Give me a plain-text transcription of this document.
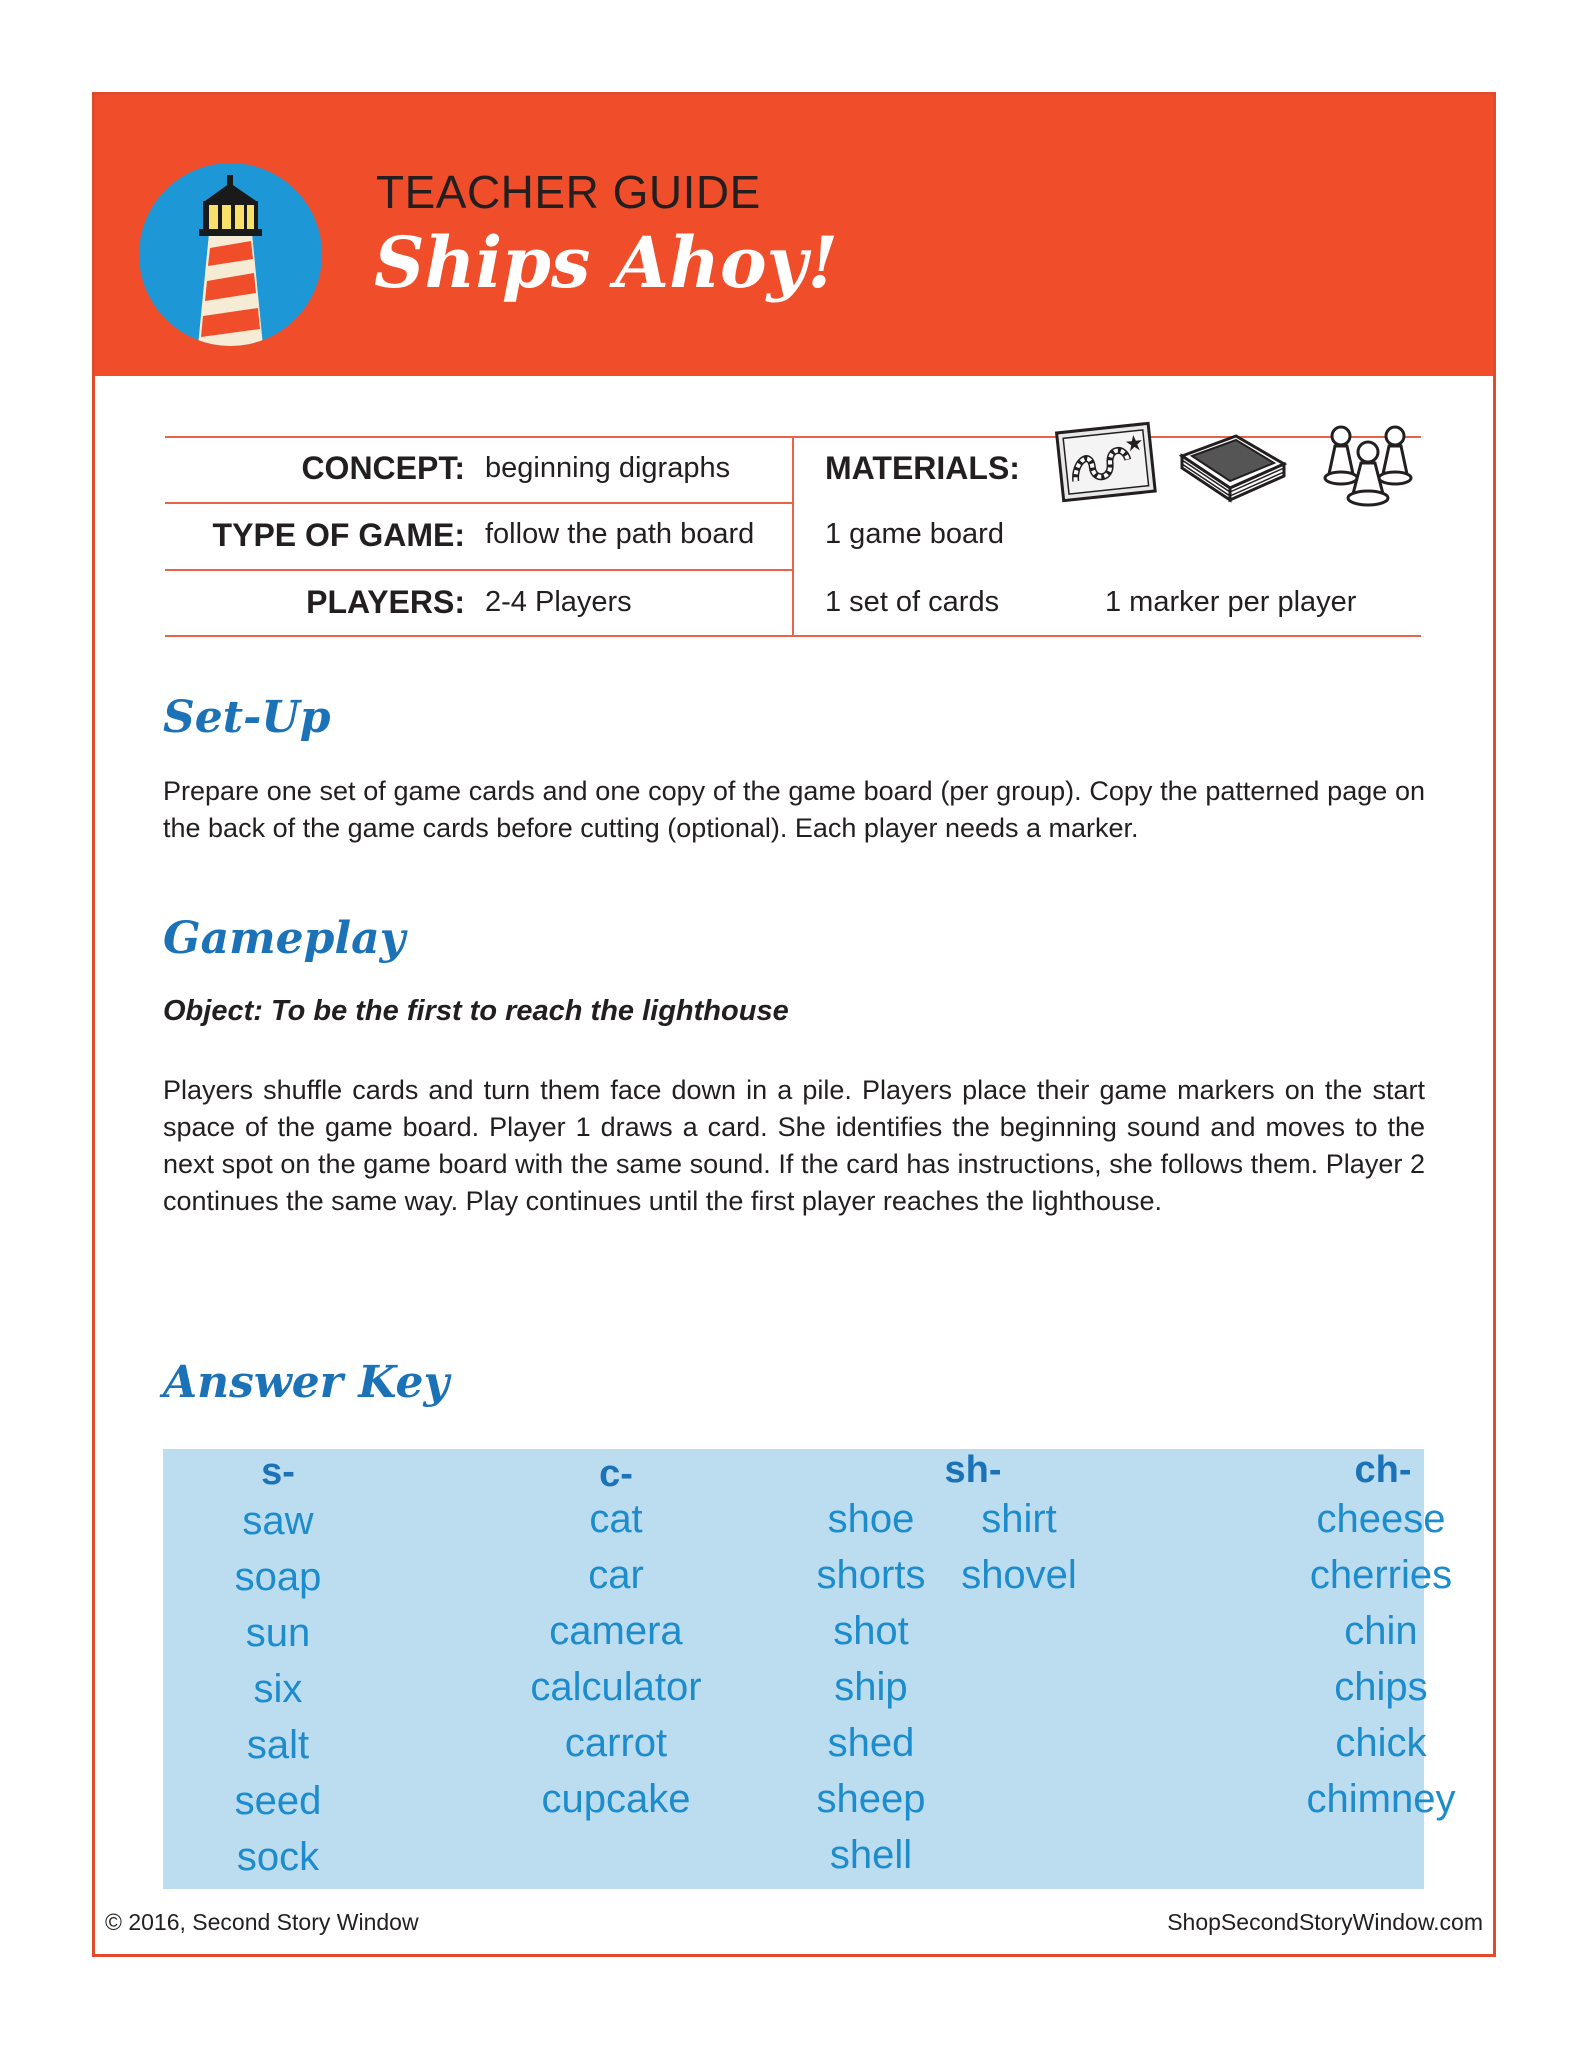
TEACHER GUIDE
Ships Ahoy!
CONCEPT: beginning digraphs
TYPE OF GAME: follow the path board
PLAYERS: 2-4 Players
MATERIALS:
1 game board
1 set of cards	1 marker per player
Set-Up
Prepare one set of game cards and one copy of the game board (per group). Copy the patterned page on the back of the game cards before cutting (optional). Each player needs a marker.
Gameplay
Object: To be the first to reach the lighthouse
Players shuffle cards and turn them face down in a pile. Players place their game markers on the start space of the game board. Player 1 draws a card. She identifies the beginning sound and moves to the next spot on the game board with the same sound. If the card has instructions, she follows them. Player 2 continues the same way. Play continues until the first player reaches the lighthouse.
Answer Key
s-
saw
soap
sun
six
salt
seed
sock
c-
cat
car
camera
calculator
carrot
cupcake
sh-
shoe
shorts
shot
ship
shed
sheep
shell
shirt
shovel
ch-
cheese
cherries
chin
chips
chick
chimney
© 2016, Second Story Window	ShopSecondStoryWindow.com
